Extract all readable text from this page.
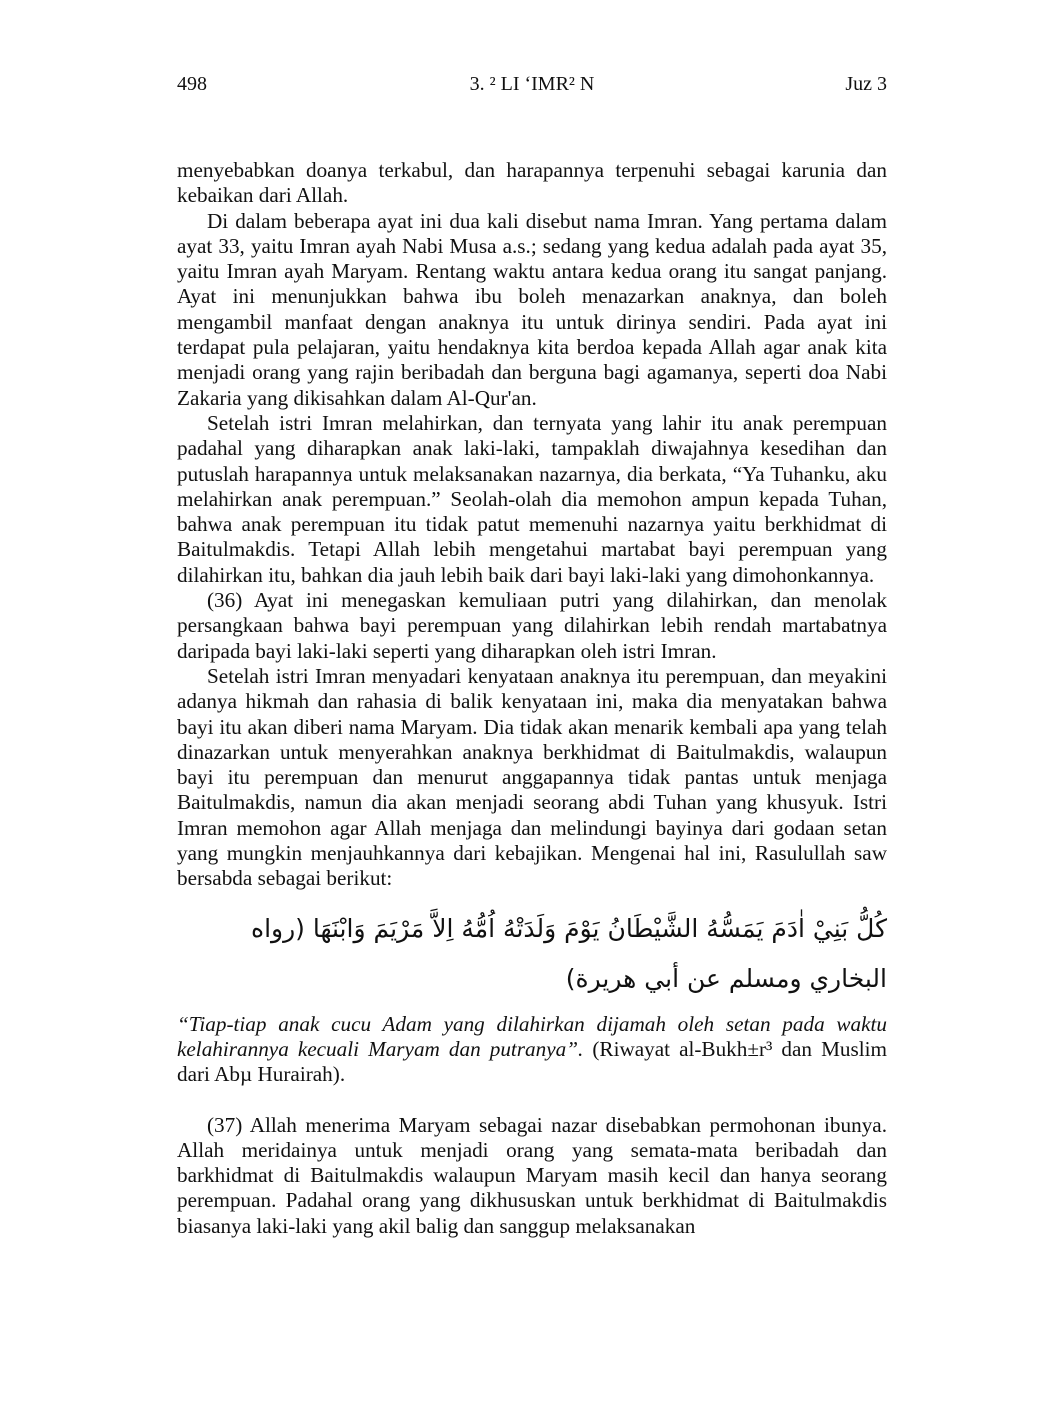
498	3. ² LI ‘IMR² N	Juz 3

menyebabkan doanya terkabul, dan harapannya terpenuhi sebagai karunia dan kebaikan dari Allah.

Di dalam beberapa ayat ini dua kali disebut nama Imran. Yang pertama dalam ayat 33, yaitu Imran ayah Nabi Musa a.s.; sedang yang kedua adalah pada ayat 35, yaitu Imran ayah Maryam. Rentang waktu antara kedua orang itu sangat panjang. Ayat ini menunjukkan bahwa ibu boleh menazarkan anaknya, dan boleh mengambil manfaat dengan anaknya itu untuk dirinya sendiri. Pada ayat ini terdapat pula pelajaran, yaitu hendaknya kita berdoa kepada Allah agar anak kita menjadi orang yang rajin beribadah dan berguna bagi agamanya, seperti doa Nabi Zakaria yang dikisahkan dalam Al-Qur'an.

Setelah istri Imran melahirkan, dan ternyata yang lahir itu anak perempuan padahal yang diharapkan anak laki-laki, tampaklah diwajahnya kesedihan dan putuslah harapannya untuk melaksanakan nazarnya, dia berkata, “Ya Tuhanku, aku melahirkan anak perempuan.” Seolah-olah dia memohon ampun kepada Tuhan, bahwa anak perempuan itu tidak patut memenuhi nazarnya yaitu berkhidmat di Baitulmakdis. Tetapi Allah lebih mengetahui martabat bayi perempuan yang dilahirkan itu, bahkan dia jauh lebih baik dari bayi laki-laki yang dimohonkannya.

(36) Ayat ini menegaskan kemuliaan putri yang dilahirkan, dan menolak persangkaan bahwa bayi perempuan yang dilahirkan lebih rendah martabatnya daripada bayi laki-laki seperti yang diharapkan oleh istri Imran.

Setelah istri Imran menyadari kenyataan anaknya itu perempuan, dan meyakini adanya hikmah dan rahasia di balik kenyataan ini, maka dia menyatakan bahwa bayi itu akan diberi nama Maryam. Dia tidak akan menarik kembali apa yang telah dinazarkan untuk menyerahkan anaknya berkhidmat di Baitulmakdis, walaupun bayi itu perempuan dan menurut anggapannya tidak pantas untuk menjaga Baitulmakdis, namun dia akan menjadi seorang abdi Tuhan yang khusyuk. Istri Imran memohon agar Allah menjaga dan melindungi bayinya dari godaan setan yang mungkin menjauhkannya dari kebajikan. Mengenai hal ini, Rasulullah saw bersabda sebagai berikut:

كُلُّ بَنِيْ اٰدَمَ يَمَسُّهُ الشَّيْطَانُ يَوْمَ وَلَدَتْهُ اُمُّهُ اِلاَّ مَرْيَمَ وَابْنَهَا (رواه البخاري ومسلم عن أبي هريرة)

“Tiap-tiap anak cucu Adam yang dilahirkan dijamah oleh setan pada waktu kelahirannya kecuali Maryam dan putranya”. (Riwayat al-Bukh±r³ dan Muslim dari Abµ Hurairah).

(37) Allah menerima Maryam sebagai nazar disebabkan permohonan ibunya. Allah meridainya untuk menjadi orang yang semata-mata beribadah dan barkhidmat di Baitulmakdis walaupun Maryam masih kecil dan hanya seorang perempuan. Padahal orang yang dikhususkan untuk berkhidmat di Baitulmakdis biasanya laki-laki yang akil balig dan sanggup melaksanakan
